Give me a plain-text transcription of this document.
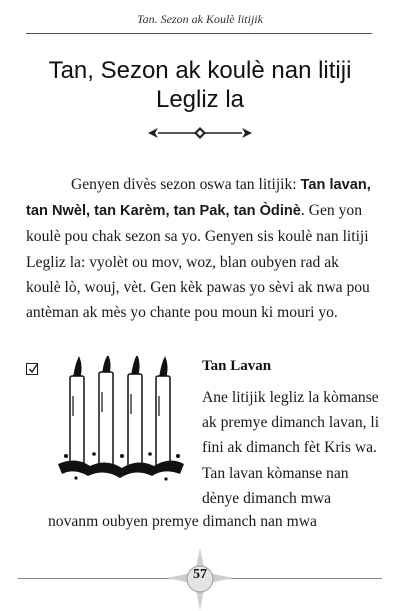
Tan. Sezon ak Koulè litijik
Tan, Sezon ak koulè nan litiji
Legliz la
Genyen divès sezon oswa tan litijik: Tan lavan, tan Nwèl, tan Karèm, tan Pak, tan Òdinè. Gen yon koulè pou chak sezon sa yo. Genyen sis koulè nan litiji Legliz la: vyolèt ou mov, woz, blan oubyen rad ak koulè lò, wouj, vèt. Gen kèk pawas yo sèvi ak nwa pou antèman ak mès yo chante pou moun ki mouri yo.
Tan Lavan
Ane litijik legliz la kòmanse ak premye dimanch lavan, li fini ak dimanch fèt Kris wa. Tan lavan kòmanse nan dènye dimanch mwa
novanm oubyen premye dimanch nan mwa
57
